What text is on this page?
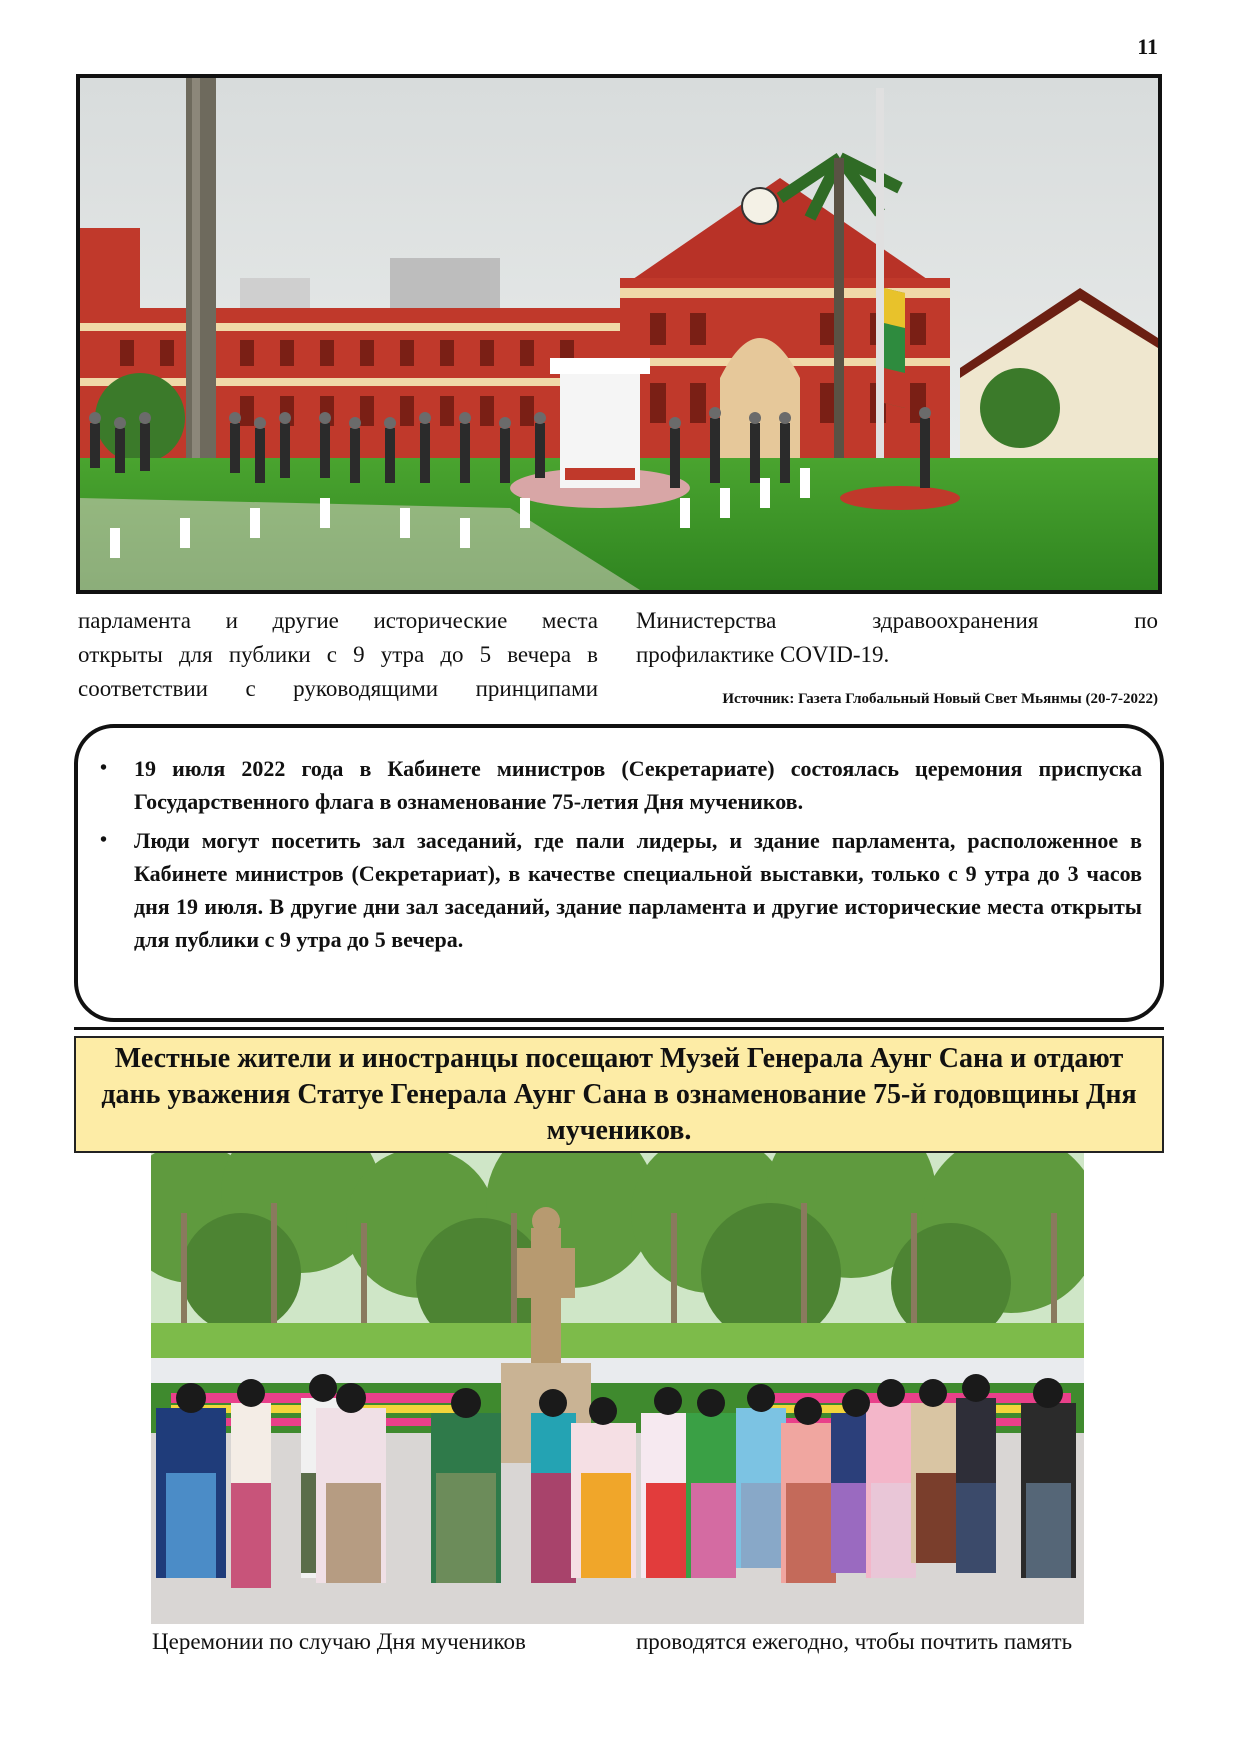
11
парламента и другие исторические места
открыты для публики с 9 утра до 5 вечера в
соответствии с руководящими принципами
Министерства здравоохранения по
профилактике COVID-19.
Источник: Газета Глобальный Новый Свет Мьянмы (20-7-2022)
• 19 июля 2022 года в Кабинете министров (Секретариате) состоялась церемония приспуска Государственного флага в ознаменование 75-летия Дня мучеников.
• Люди могут посетить зал заседаний, где пали лидеры, и здание парламента, расположенное в Кабинете министров (Секретариат), в качестве специальной выставки, только с 9 утра до 3 часов дня 19 июля. В другие дни зал заседаний, здание парламента и другие исторические места открыты для публики с 9 утра до 5 вечера.
Местные жители и иностранцы посещают Музей Генерала Аунг Сана и отдают дань уважения Статуе Генерала Аунг Сана в ознаменование 75-й годовщины Дня мучеников.
Церемонии по случаю Дня мучеников	проводятся ежегодно, чтобы почтить память
